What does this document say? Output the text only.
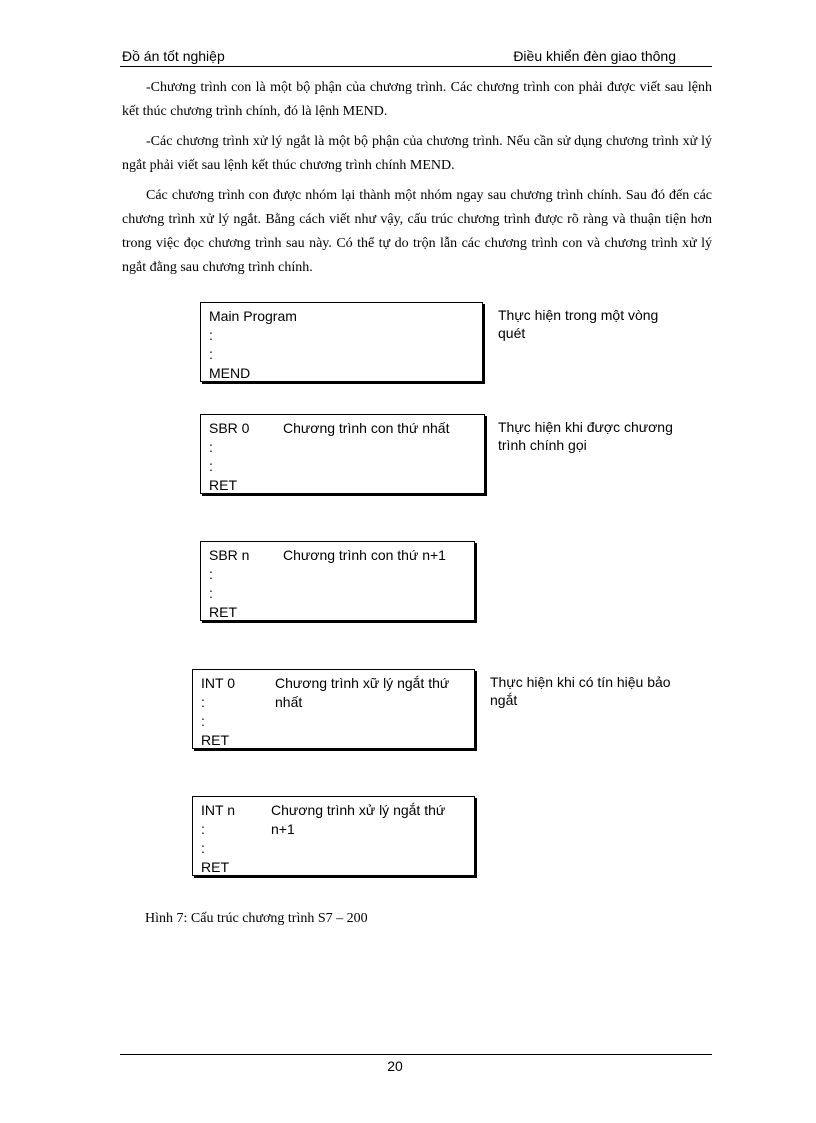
Đồ án tốt nghiệp	Điều khiển đèn giao thông

-Chương trình con là một bộ phận của chương trình. Các chương trình con phải được viết sau lệnh kết thúc chương trình chính, đó là lệnh MEND.

-Các chương trình xử lý ngắt là một bộ phận của chương trình. Nếu cần sử dụng chương trình xử lý ngắt phải viết sau lệnh kết thúc chương trình chính MEND.

Các chương trình con được nhóm lại thành một nhóm ngay sau chương trình chính. Sau đó đến các chương trình xử lý ngắt. Bằng cách viết như vậy, cấu trúc chương trình được rõ ràng và thuận tiện hơn trong việc đọc chương trình sau này. Có thể tự do trộn lẫn các chương trình con và chương trình xử lý ngắt đằng sau chương trình chính.

Main Program
:
:
MEND
Thực hiện trong một vòng quét
SBR 0 Chương trình con thứ nhất
:
:
RET
Thực hiện khi được chương trình chính gọi
SBR n Chương trình con thứ n+1
:
:
RET
INT 0	Chương trình xữ lý ngắt thứ nhất
:
:
RET
Thực hiện khi có tín hiệu bảo ngắt
INT n	Chương trình xử lý ngắt thứ n+1
:
:
RET
Hình 7: Cấu trúc chương trình S7 – 200
20
